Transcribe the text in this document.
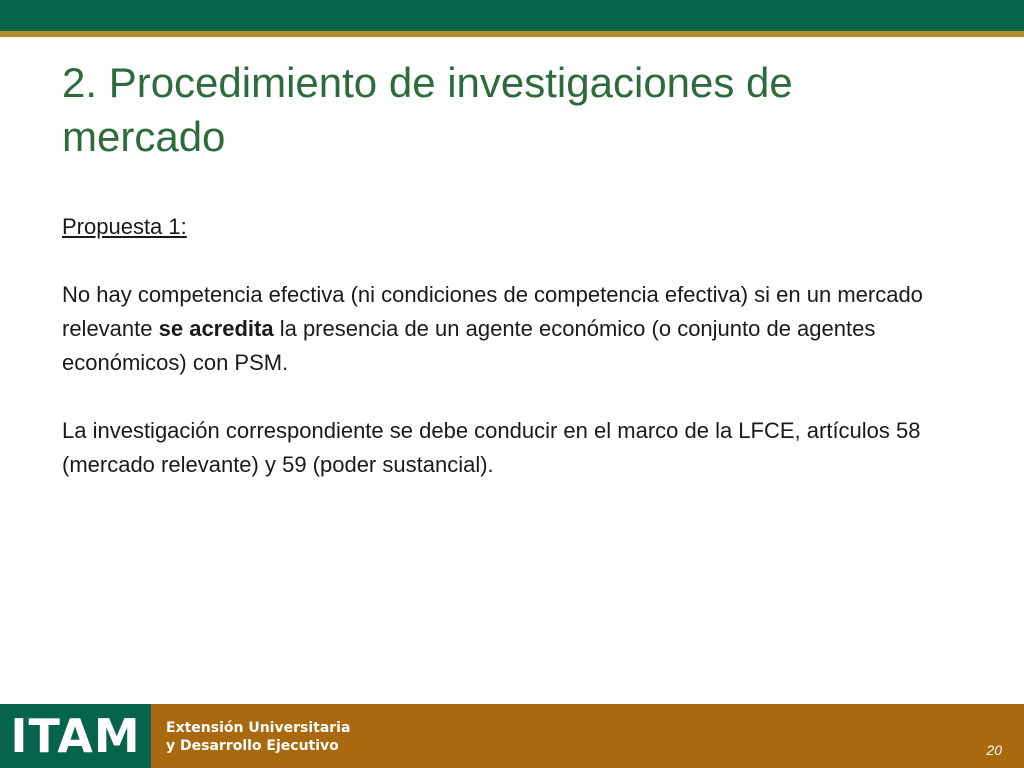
2. Procedimiento de investigaciones de
mercado

Propuesta 1:

No hay competencia efectiva (ni condiciones de competencia efectiva) si en un mercado relevante se acredita la presencia de un agente económico (o conjunto de agentes económicos) con PSM.

La investigación correspondiente se debe conducir en el marco de la LFCE, artículos 58 (mercado relevante) y 59 (poder sustancial).

ITAM	Extensión Universitaria
y Desarrollo Ejecutivo	20
